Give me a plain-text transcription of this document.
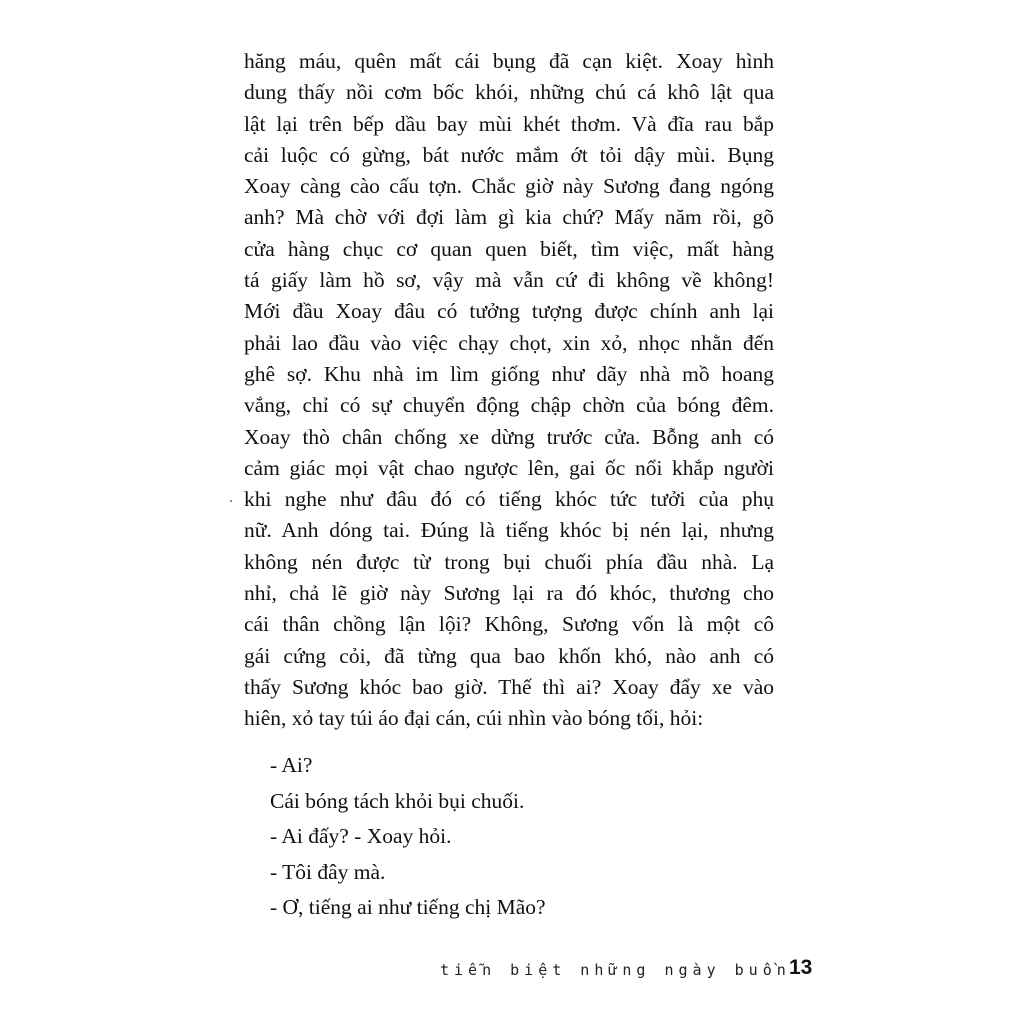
hăng máu, quên mất cái bụng đã cạn kiệt. Xoay hình
dung thấy nồi cơm bốc khói, những chú cá khô lật qua
lật lại trên bếp dầu bay mùi khét thơm. Và đĩa rau bắp
cải luộc có gừng, bát nước mắm ớt tỏi dậy mùi. Bụng
Xoay càng cào cấu tợn. Chắc giờ này Sương đang ngóng
anh? Mà chờ với đợi làm gì kia chứ? Mấy năm rồi, gõ
cửa hàng chục cơ quan quen biết, tìm việc, mất hàng
tá giấy làm hồ sơ, vậy mà vẫn cứ đi không về không!
Mới đầu Xoay đâu có tưởng tượng được chính anh lại
phải lao đầu vào việc chạy chọt, xin xỏ, nhọc nhằn đến
ghê sợ. Khu nhà im lìm giống như dãy nhà mồ hoang
vắng, chỉ có sự chuyển động chập chờn của bóng đêm.
Xoay thò chân chống xe dừng trước cửa. Bỗng anh có
cảm giác mọi vật chao ngược lên, gai ốc nổi khắp người
khi nghe như đâu đó có tiếng khóc tức tưởi của phụ
nữ. Anh dóng tai. Đúng là tiếng khóc bị nén lại, nhưng
không nén được từ trong bụi chuối phía đầu nhà. Lạ
nhỉ, chả lẽ giờ này Sương lại ra đó khóc, thương cho
cái thân chồng lận lội? Không, Sương vốn là một cô
gái cứng cỏi, đã từng qua bao khốn khó, nào anh có
thấy Sương khóc bao giờ. Thế thì ai? Xoay đẩy xe vào
hiên, xỏ tay túi áo đại cán, cúi nhìn vào bóng tối, hỏi:
- Ai?
Cái bóng tách khỏi bụi chuối.
- Ai đấy? - Xoay hỏi.
- Tôi đây mà.
- Ơ, tiếng ai như tiếng chị Mão?
tiễn biệt những ngày buồn
13
